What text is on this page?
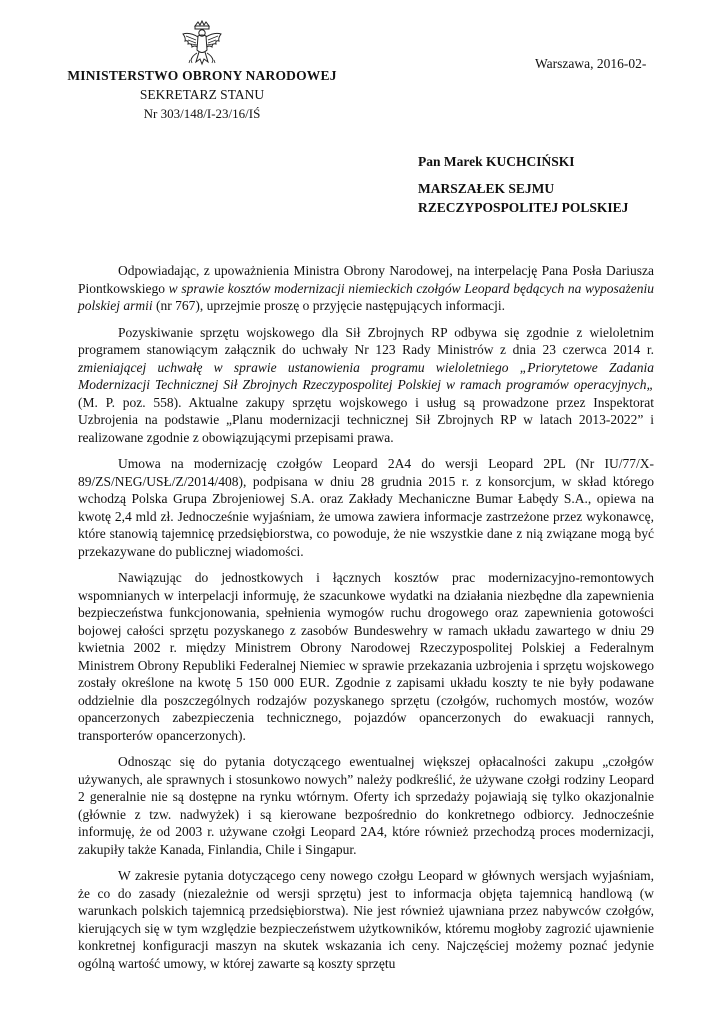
Warszawa, 2016-02-
MINISTERSTWO OBRONY NARODOWEJ
SEKRETARZ STANU
Nr 303/148/I-23/16/IŚ
Pan Marek KUCHCIŃSKI
MARSZAŁEK SEJMU
RZECZYPOSPOLITEJ POLSKIEJ

Odpowiadając, z upoważnienia Ministra Obrony Narodowej, na interpelację Pana Posła Dariusza Piontkowskiego w sprawie kosztów modernizacji niemieckich czołgów Leopard będących na wyposażeniu polskiej armii (nr 767), uprzejmie proszę o przyjęcie następujących informacji.

Pozyskiwanie sprzętu wojskowego dla Sił Zbrojnych RP odbywa się zgodnie z wieloletnim programem stanowiącym załącznik do uchwały Nr 123 Rady Ministrów z dnia 23 czerwca 2014 r. zmieniającej uchwałę w sprawie ustanowienia programu wieloletniego „Priorytetowe Zadania Modernizacji Technicznej Sił Zbrojnych Rzeczypospolitej Polskiej w ramach programów operacyjnych„ (M. P. poz. 558). Aktualne zakupy sprzętu wojskowego i usług są prowadzone przez Inspektorat Uzbrojenia na podstawie „Planu modernizacji technicznej Sił Zbrojnych RP w latach 2013-2022” i realizowane zgodnie z obowiązującymi przepisami prawa.

Umowa na modernizację czołgów Leopard 2A4 do wersji Leopard 2PL (Nr IU/77/X-89/ZS/NEG/USŁ/Z/2014/408), podpisana w dniu 28 grudnia 2015 r. z konsorcjum, w skład którego wchodzą Polska Grupa Zbrojeniowej S.A. oraz Zakłady Mechaniczne Bumar Łabędy S.A., opiewa na kwotę 2,4 mld zł. Jednocześnie wyjaśniam, że umowa zawiera informacje zastrzeżone przez wykonawcę, które stanowią tajemnicę przedsiębiorstwa, co powoduje, że nie wszystkie dane z nią związane mogą być przekazywane do publicznej wiadomości.

Nawiązując do jednostkowych i łącznych kosztów prac modernizacyjno-remontowych wspomnianych w interpelacji informuję, że szacunkowe wydatki na działania niezbędne dla zapewnienia bezpieczeństwa funkcjonowania, spełnienia wymogów ruchu drogowego oraz zapewnienia gotowości bojowej całości sprzętu pozyskanego z zasobów Bundeswehry w ramach układu zawartego w dniu 29 kwietnia 2002 r. między Ministrem Obrony Narodowej Rzeczypospolitej Polskiej a Federalnym Ministrem Obrony Republiki Federalnej Niemiec w sprawie przekazania uzbrojenia i sprzętu wojskowego zostały określone na kwotę 5 150 000 EUR. Zgodnie z zapisami układu koszty te nie były podawane oddzielnie dla poszczególnych rodzajów pozyskanego sprzętu (czołgów, ruchomych mostów, wozów opancerzonych zabezpieczenia technicznego, pojazdów opancerzonych do ewakuacji rannych, transporterów opancerzonych).

Odnosząc się do pytania dotyczącego ewentualnej większej opłacalności zakupu „czołgów używanych, ale sprawnych i stosunkowo nowych” należy podkreślić, że używane czołgi rodziny Leopard 2 generalnie nie są dostępne na rynku wtórnym. Oferty ich sprzedaży pojawiają się tylko okazjonalnie (głównie z tzw. nadwyżek) i są kierowane bezpośrednio do konkretnego odbiorcy. Jednocześnie informuję, że od 2003 r. używane czołgi Leopard 2A4, które również przechodzą proces modernizacji, zakupiły także Kanada, Finlandia, Chile i Singapur.

W zakresie pytania dotyczącego ceny nowego czołgu Leopard w głównych wersjach wyjaśniam, że co do zasady (niezależnie od wersji sprzętu) jest to informacja objęta tajemnicą handlową (w warunkach polskich tajemnicą przedsiębiorstwa). Nie jest również ujawniana przez nabywców czołgów, kierujących się w tym względzie bezpieczeństwem użytkowników, któremu mogłoby zagrozić ujawnienie konkretnej konfiguracji maszyn na skutek wskazania ich ceny. Najczęściej możemy poznać jedynie ogólną wartość umowy, w której zawarte są koszty sprzętu
